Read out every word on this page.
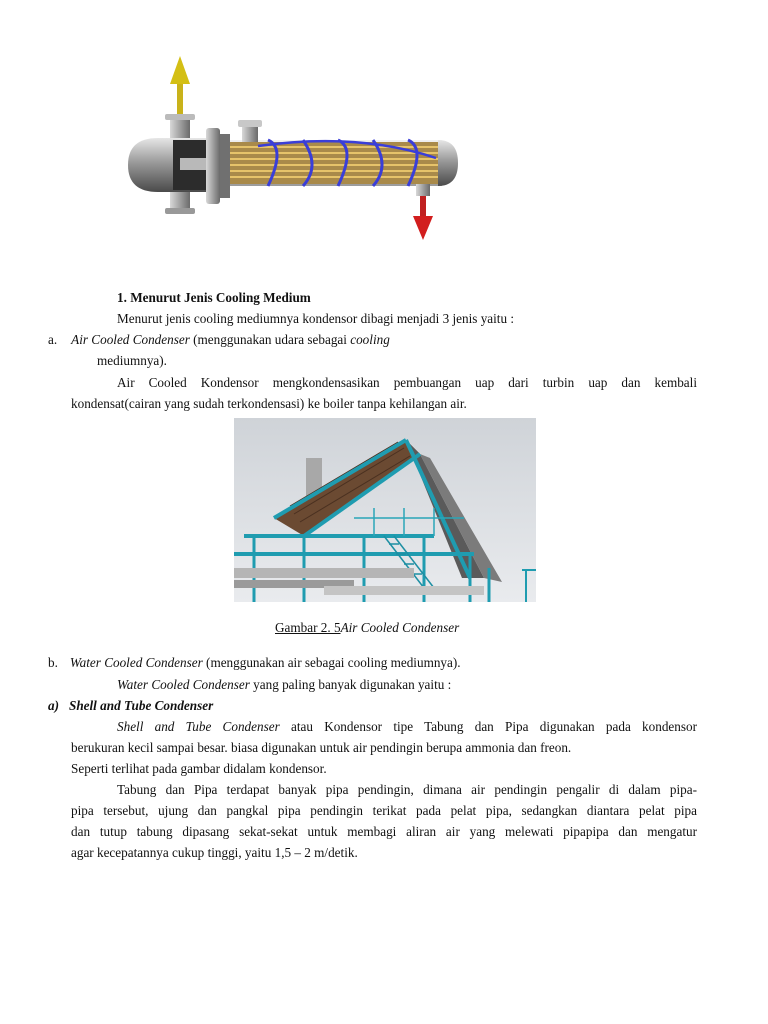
1. Menurut Jenis Cooling Medium
Menurut jenis cooling mediumnya kondensor dibagi menjadi 3 jenis yaitu :
a. Air Cooled Condenser (menggunakan udara sebagai cooling
mediumnya).
Air Cooled Kondensor mengkondensasikan pembuangan uap dari turbin uap dan kembali
kondensat(cairan yang sudah terkondensasi) ke boiler tanpa kehilangan air.
Gambar 2. 5Air Cooled Condenser
b. Water Cooled Condenser (menggunakan air sebagai cooling mediumnya).
Water Cooled Condenser yang paling banyak digunakan yaitu :
a) Shell and Tube Condenser
Shell and Tube Condenser atau Kondensor tipe Tabung dan Pipa digunakan pada kondensor
berukuran kecil sampai besar. biasa digunakan untuk air pendingin berupa ammonia dan freon.
Seperti terlihat pada gambar didalam kondensor.
Tabung dan Pipa terdapat banyak pipa pendingin, dimana air pendingin pengalir di dalam pipa-
pipa tersebut, ujung dan pangkal pipa pendingin terikat pada pelat pipa, sedangkan diantara pelat pipa
dan tutup tabung dipasang sekat-sekat untuk membagi aliran air yang melewati pipapipa dan mengatur
agar kecepatannya cukup tinggi, yaitu 1,5 – 2 m/detik.
